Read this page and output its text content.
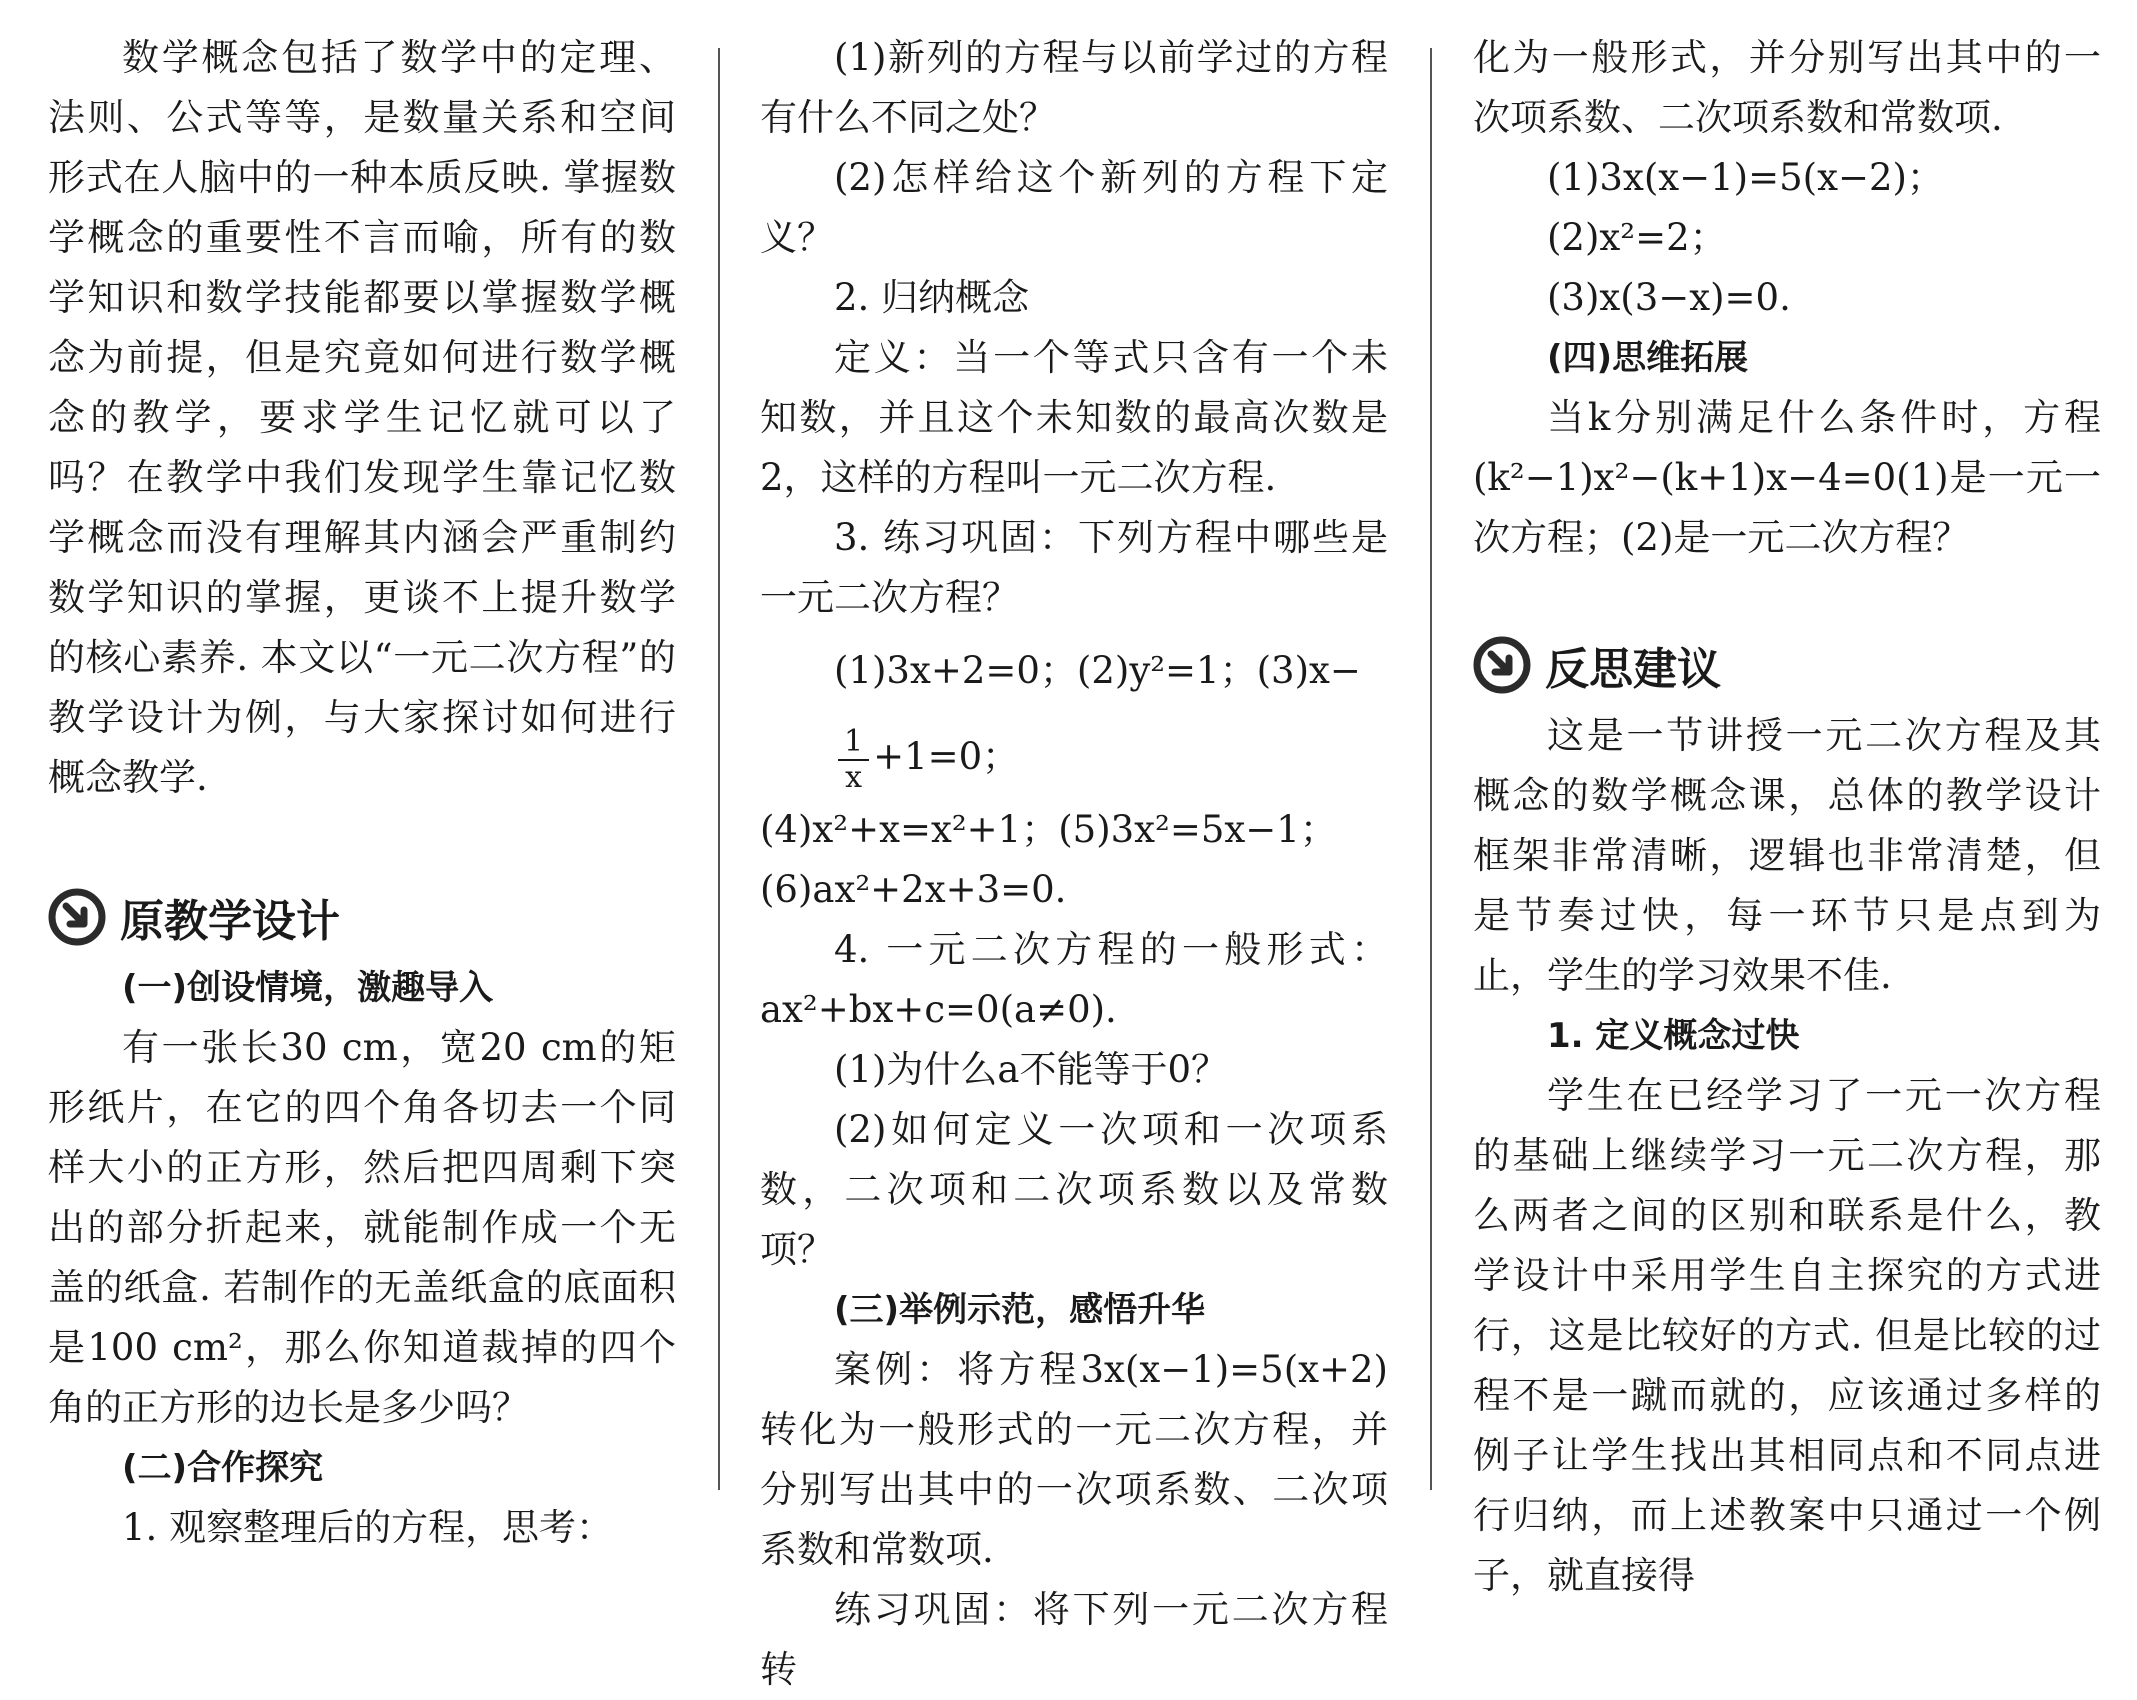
数学概念包括了数学中的定理、法则、公式等等，是数量关系和空间形式在人脑中的一种本质反映. 掌握数学概念的重要性不言而喻，所有的数学知识和数学技能都要以掌握数学概念为前提，但是究竟如何进行数学概念的教学，要求学生记忆就可以了吗？在教学中我们发现学生靠记忆数学概念而没有理解其内涵会严重制约数学知识的掌握，更谈不上提升数学的核心素养. 本文以“一元二次方程”的教学设计为例，与大家探讨如何进行概念教学.

原教学设计

(一)创设情境，激趣导入

有一张长30 cm，宽20 cm的矩形纸片，在它的四个角各切去一个同样大小的正方形，然后把四周剩下突出的部分折起来，就能制作成一个无盖的纸盒. 若制作的无盖纸盒的底面积是100 cm²，那么你知道裁掉的四个角的正方形的边长是多少吗？

(二)合作探究

1. 观察整理后的方程，思考：

(1)新列的方程与以前学过的方程有什么不同之处？

(2)怎样给这个新列的方程下定义？

2. 归纳概念

定义：当一个等式只含有一个未知数，并且这个未知数的最高次数是2，这样的方程叫一元二次方程.

3. 练习巩固：下列方程中哪些是一元二次方程？

(1)3x+2=0；(2)y²=1；(3)x−
$\frac{1}{x} +1=0$；

(4)x²+x=x²+1；(5)3x²=5x−1；(6)ax²+2x+3=0.

4. 一元二次方程的一般形式：ax²+bx+c=0(a≠0).

(1)为什么a不能等于0？

(2)如何定义一次项和一次项系数，二次项和二次项系数以及常数项？

(三)举例示范，感悟升华

案例：将方程3x(x−1)=5(x+2)转化为一般形式的一元二次方程，并分别写出其中的一次项系数、二次项系数和常数项.

练习巩固：将下列一元二次方程转

化为一般形式，并分别写出其中的一次项系数、二次项系数和常数项.

(1)3x(x−1)=5(x−2)；(2)x²=2；

(3)x(3−x)=0.

(四)思维拓展

当k分别满足什么条件时，方程(k²−1)x²−(k+1)x−4=0(1)是一元一次方程；(2)是一元二次方程？

反思建议

这是一节讲授一元二次方程及其概念的数学概念课，总体的教学设计框架非常清晰，逻辑也非常清楚，但是节奏过快，每一环节只是点到为止，学生的学习效果不佳.

1. 定义概念过快

学生在已经学习了一元一次方程的基础上继续学习一元二次方程，那么两者之间的区别和联系是什么，教学设计中采用学生自主探究的方式进行，这是比较好的方式. 但是比较的过程不是一蹴而就的，应该通过多样的例子让学生找出其相同点和不同点进行归纳，而上述教案中只通过一个例子，就直接得
